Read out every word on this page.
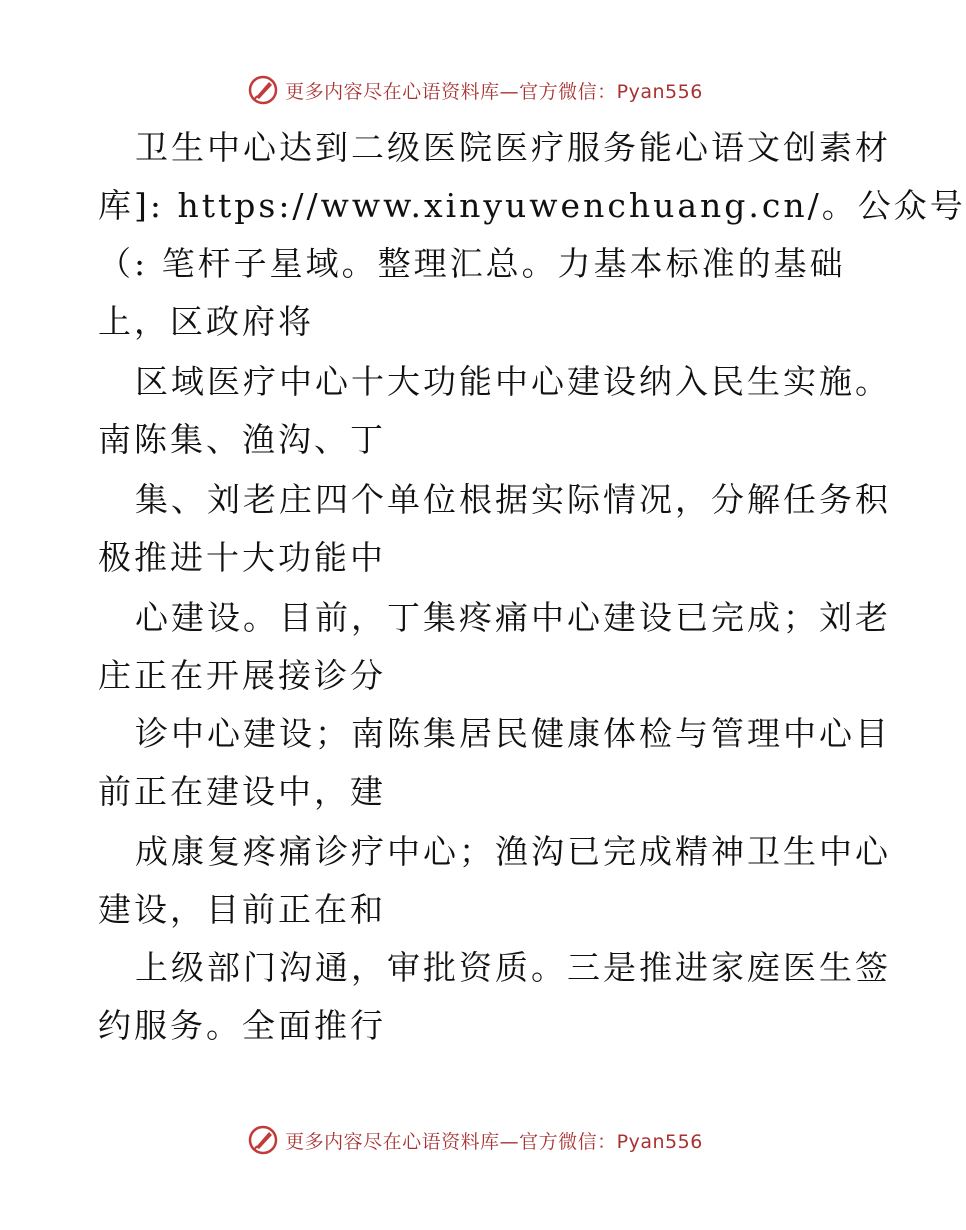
更多内容尽在心语资料库—官方微信：Pyan556
卫生中心达到二级医院医疗服务能心语文创素材
库]: https://www.xinyuwenchuang.cn/。公众号
（: 笔杆子星域。整理汇总。力基本标准的基础
上，区政府将
区域医疗中心十大功能中心建设纳入民生实施。
南陈集、渔沟、丁
集、刘老庄四个单位根据实际情况，分解任务积
极推进十大功能中
心建设。目前，丁集疼痛中心建设已完成；刘老
庄正在开展接诊分
诊中心建设；南陈集居民健康体检与管理中心目
前正在建设中，建
成康复疼痛诊疗中心；渔沟已完成精神卫生中心
建设，目前正在和
上级部门沟通，审批资质。三是推进家庭医生签
约服务。全面推行
更多内容尽在心语资料库—官方微信：Pyan556
